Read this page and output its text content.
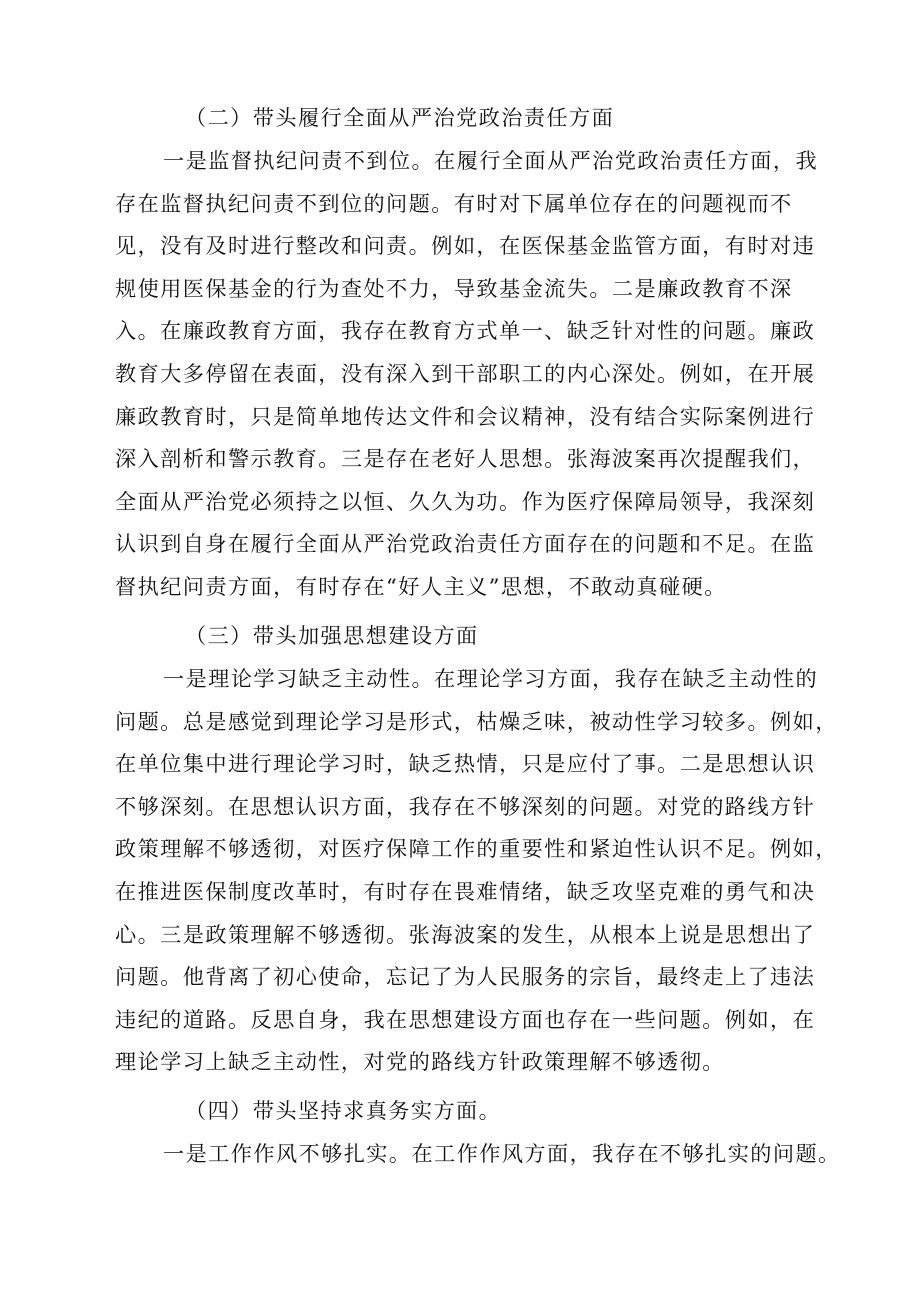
（二）带头履行全面从严治党政治责任方面
一是监督执纪问责不到位。在履行全面从严治党政治责任方面，我
存在监督执纪问责不到位的问题。有时对下属单位存在的问题视而不
见，没有及时进行整改和问责。例如，在医保基金监管方面，有时对违
规使用医保基金的行为查处不力，导致基金流失。二是廉政教育不深
入。在廉政教育方面，我存在教育方式单一、缺乏针对性的问题。廉政
教育大多停留在表面，没有深入到干部职工的内心深处。例如，在开展
廉政教育时，只是简单地传达文件和会议精神，没有结合实际案例进行
深入剖析和警示教育。三是存在老好人思想。张海波案再次提醒我们，
全面从严治党必须持之以恒、久久为功。作为医疗保障局领导，我深刻
认识到自身在履行全面从严治党政治责任方面存在的问题和不足。在监
督执纪问责方面，有时存在“好人主义”思想，不敢动真碰硬。
（三）带头加强思想建设方面
一是理论学习缺乏主动性。在理论学习方面，我存在缺乏主动性的
问题。总是感觉到理论学习是形式，枯燥乏味，被动性学习较多。例如，
在单位集中进行理论学习时，缺乏热情，只是应付了事。二是思想认识
不够深刻。在思想认识方面，我存在不够深刻的问题。对党的路线方针
政策理解不够透彻，对医疗保障工作的重要性和紧迫性认识不足。例如，
在推进医保制度改革时，有时存在畏难情绪，缺乏攻坚克难的勇气和决
心。三是政策理解不够透彻。张海波案的发生，从根本上说是思想出了
问题。他背离了初心使命，忘记了为人民服务的宗旨，最终走上了违法
违纪的道路。反思自身，我在思想建设方面也存在一些问题。例如，在
理论学习上缺乏主动性，对党的路线方针政策理解不够透彻。
（四）带头坚持求真务实方面。
一是工作作风不够扎实。在工作作风方面，我存在不够扎实的问题。
